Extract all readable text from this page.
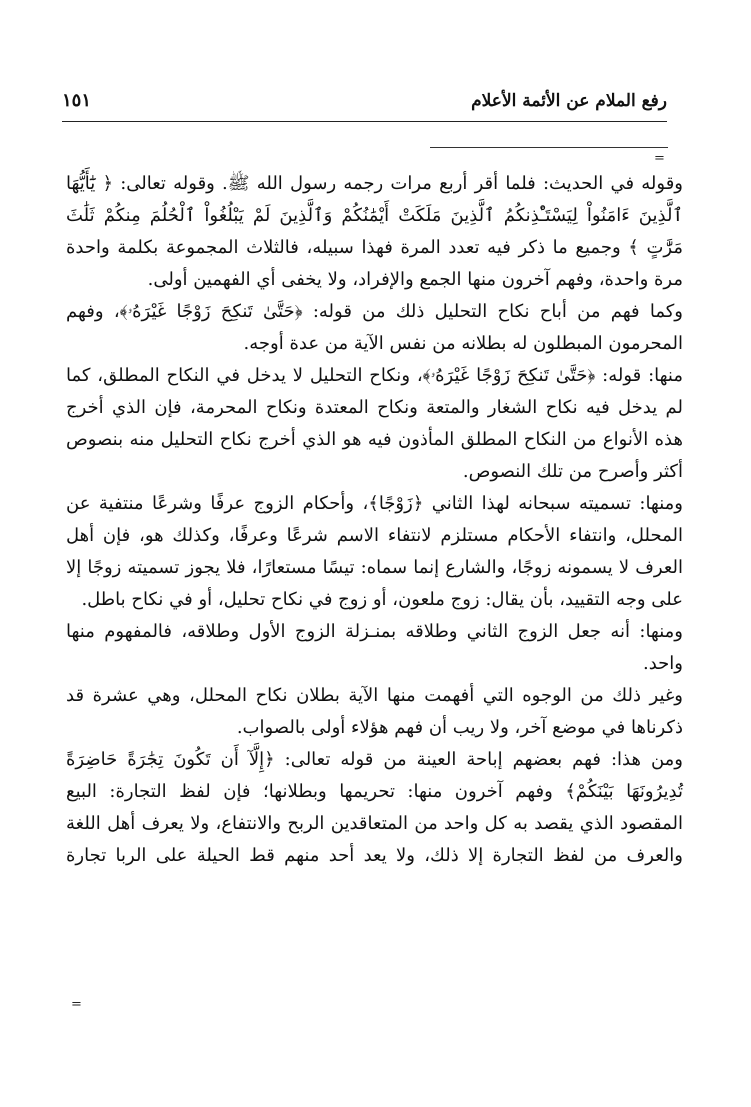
رفع الملام عن الأئمة الأعلام
١٥١
=

وقوله في الحديث: فلما أقر أربع مرات رجمه رسول الله ﷺ. وقوله تعالى: ﴿ يَٰٓأَيُّهَا ٱلَّذِينَ ءَامَنُواْ لِيَسْتَـْٔذِنكُمُ ٱلَّذِينَ مَلَكَتْ أَيْمَٰنُكُمْ وَٱلَّذِينَ لَمْ يَبْلُغُواْ ٱلْحُلُمَ مِنكُمْ ثَلَٰثَ مَرَّٰتٍ ﴾ وجميع ما ذكر فيه تعدد المرة فهذا سبيله، فالثلاث المجموعة بكلمة واحدة مرة واحدة، وفهم آخرون منها الجمع والإفراد، ولا يخفى أي الفهمين أولى.

وكما فهم من أباح نكاح التحليل ذلك من قوله: ﴿حَتَّىٰ تَنكِحَ زَوْجًا غَيْرَهُۥ﴾، وفهم المحرمون المبطلون له بطلانه من نفس الآية من عدة أوجه.

منها: قوله: ﴿حَتَّىٰ تَنكِحَ زَوْجًا غَيْرَهُۥ﴾، ونكاح التحليل لا يدخل في النكاح المطلق، كما لم يدخل فيه نكاح الشغار والمتعة ونكاح المعتدة ونكاح المحرمة، فإن الذي أخرج هذه الأنواع من النكاح المطلق المأذون فيه هو الذي أخرج نكاح التحليل منه بنصوص أكثر وأصرح من تلك النصوص.

ومنها: تسميته سبحانه لهذا الثاني ﴿زَوْجًا﴾، وأحكام الزوج عرفًا وشرعًا منتفية عن المحلل، وانتفاء الأحكام مستلزم لانتفاء الاسم شرعًا وعرفًا، وكذلك هو، فإن أهل العرف لا يسمونه زوجًا، والشارع إنما سماه: تيسًا مستعارًا، فلا يجوز تسميته زوجًا إلا على وجه التقييد، بأن يقال: زوج ملعون، أو زوج في نكاح تحليل، أو في نكاح باطل.

ومنها: أنه جعل الزوج الثاني وطلاقه بمنـزلة الزوج الأول وطلاقه، فالمفهوم منها واحد.

وغير ذلك من الوجوه التي أفهمت منها الآية بطلان نكاح المحلل، وهي عشرة قد ذكرناها في موضع آخر، ولا ريب أن فهم هؤلاء أولى بالصواب.

ومن هذا: فهم بعضهم إباحة العينة من قوله تعالى: ﴿إِلَّآ أَن تَكُونَ تِجَٰرَةً حَاضِرَةً تُدِيرُونَهَا بَيْنَكُمْ﴾ وفهم آخرون منها: تحريمها وبطلانها؛ فإن لفظ التجارة: البيع المقصود الذي يقصد به كل واحد من المتعاقدين الربح والانتفاع، ولا يعرف أهل اللغة والعرف من لفظ التجارة إلا ذلك، ولا يعد أحد منهم قط الحيلة على الربا تجارة

=
